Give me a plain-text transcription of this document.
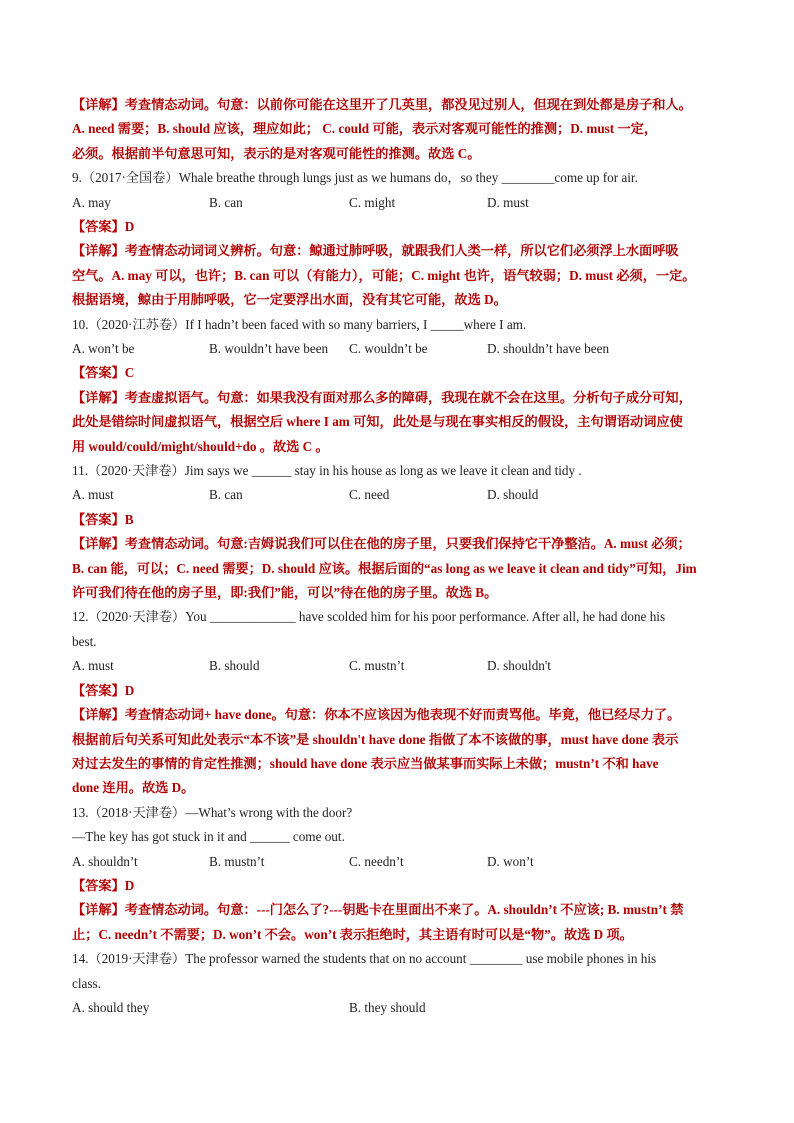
【详解】考查情态动词。句意：以前你可能在这里开了几英里，都没见过别人，但现在到处都是房子和人。
A. need 需要；B. should 应该，理应如此； C. could 可能，表示对客观可能性的推测；D. must 一定，
必须。根据前半句意思可知，表示的是对客观可能性的推测。故选 C。
9.（2017·全国卷）Whale breathe through lungs just as we humans do，so they ________come up for air.
A. may	B. can	C. might	D. must
【答案】D
【详解】考查情态动词词义辨析。句意：鲸通过肺呼吸，就跟我们人类一样，所以它们必须浮上水面呼吸
空气。A. may 可以，也许；B. can 可以（有能力），可能；C. might 也许，语气较弱；D. must 必须，一定。
根据语境，鲸由于用肺呼吸，它一定要浮出水面，没有其它可能，故选 D。
10.（2020·江苏卷）If I hadn’t been faced with so many barriers, I _____where I am.
A. won’t be	B. wouldn’t have been C. wouldn’t be	D. shouldn’t have been
【答案】C
【详解】考查虚拟语气。句意：如果我没有面对那么多的障碍，我现在就不会在这里。分析句子成分可知，
此处是错综时间虚拟语气，根据空后 where I am 可知，此处是与现在事实相反的假设，主句谓语动词应使
用 would/could/might/should+do 。故选 C 。
11.（2020·天津卷）Jim says we ______ stay in his house as long as we leave it clean and tidy .
A. must	B. can	C. need	D. should
【答案】B
【详解】考查情态动词。句意:吉姆说我们可以住在他的房子里，只要我们保持它干净整洁。A. must 必须；
B. can 能，可以；C. need 需要；D. should 应该。根据后面的“as long as we leave it clean and tidy”可知，Jim
许可我们待在他的房子里，即:我们”能，可以”待在他的房子里。故选 B。
12.（2020·天津卷）You _____________ have scolded him for his poor performance. After all, he had done his
best.
A. must	B. should	C. mustn’t	D. shouldn't
【答案】D
【详解】考查情态动词+ have done。句意：你本不应该因为他表现不好而责骂他。毕竟，他已经尽力了。
根据前后句关系可知此处表示“本不该”是 shouldn't have done 指做了本不该做的事，must have done 表示
对过去发生的事情的肯定性推测；should have done 表示应当做某事而实际上未做；mustn’t 不和 have
done 连用。故选 D。
13.（2018·天津卷）—What’s wrong with the door?
—The key has got stuck in it and ______ come out.
A. shouldn’t	B. mustn’t	C. needn’t	D. won’t
【答案】D
【详解】考查情态动词。句意：---门怎么了?---钥匙卡在里面出不来了。A. shouldn’t 不应该; B. mustn’t 禁
止；C. needn’t 不需要；D. won’t 不会。won’t 表示拒绝时，其主语有时可以是“物”。故选 D 项。
14.（2019·天津卷）The professor warned the students that on no account ________ use mobile phones in his
class.
A. should they	B. they should
